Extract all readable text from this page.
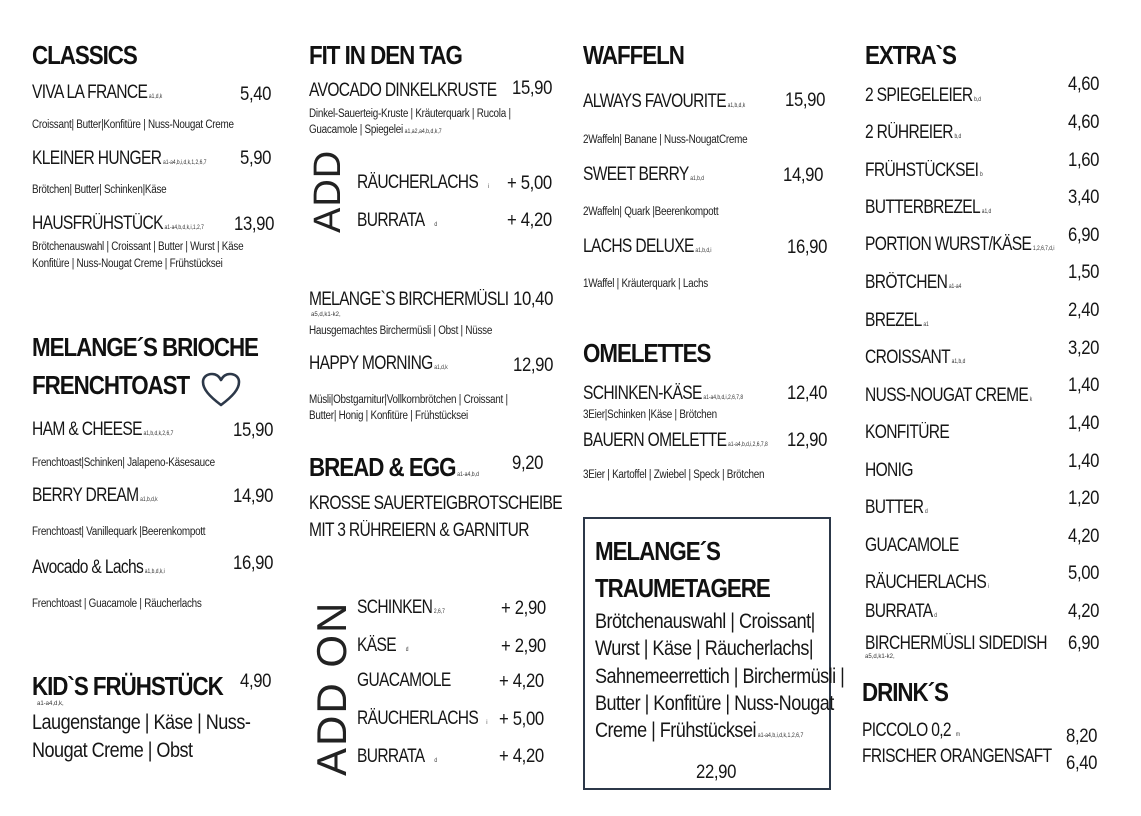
CLASSICS
VIVA LA FRANCE a1,d,k	5,40
Croissant| Butter|Konfitüre | Nuss-Nougat Creme
KLEINER HUNGER a1-a4,b,i,d,k,1,2,6,7 5,90
Brötchen| Butter| Schinken|Käse
HAUSFRÜHSTÜCK a1-a4,b,d,k,i,1,2,7 13,90
Brötchenauswahl | Croissant | Butter | Wurst | Käse
Konfitüre | Nuss-Nougat Creme | Frühstücksei
MELANGE´S BRIOCHE
FRENCHTOAST
HAM & CHEESE a1,b,d,k,2,6,7	15,90
Frenchtoast|Schinken| Jalapeno-Käsesauce
BERRY DREAM a1,b,d,k	14,90
Frenchtoast| Vanillequark |Beerenkompott
Avocado & Lachs a1,b,d,k,i	16,90
Frenchtoast | Guacamole | Räucherlachs
KID`S FRÜHSTÜCK
a1-a4,d,k,
4,90
Laugenstange | Käse | Nuss-
Nougat Creme | Obst
FIT IN DEN TAG
AVOCADO DINKELKRUSTE 15,90
Dinkel-Sauerteig-Kruste | Kräuterquark | Rucola |
Guacamole | Spiegelei a1,a2,a4,b,d,k,7
ADD RÄUCHERLACHS i + 5,00
BURRATA d	+ 4,20
MELANGE`S BIRCHERMÜSLI 10,40
a5,d,k1-k2,
Hausgemachtes Birchermüsli | Obst | Nüsse
HAPPY MORNING a1,d,k	12,90
Müsli|Obstgarnitur|Vollkornbrötchen | Croissant |
Butter| Honig | Konfitüre | Frühstücksei
BREAD & EGG a1-a4,b,d
9,20
KROSSE SAUERTEIGBROTSCHEIBE
MIT 3 RÜHREIERN & GARNITUR
ADD ON SCHINKEN 2,6,7	+ 2,90
KÄSE d	+ 2,90
GUACAMOLE	+ 4,20
RÄUCHERLACHS i + 5,00
BURRATA d	+ 4,20
WAFFELN
ALWAYS FAVOURITE a1,b,d,k 15,90
2Waffeln| Banane | Nuss-NougatCreme
SWEET BERRY a1,b,d	14,90
2Waffeln| Quark |Beerenkompott
LACHS DELUXE a1,b,d,i	16,90
1Waffel | Kräuterquark | Lachs
OMELETTES
SCHINKEN-KÄSE a1-a4,b,d,i,2,6,7,8 12,40
3Eier|Schinken |Käse | Brötchen
BAUERN OMELETTE a1-a4,b,d,i,2,6,7,8 12,90
3Eier | Kartoffel | Zwiebel | Speck | Brötchen
MELANGE´S
TRAUMETAGERE
Brötchenauswahl | Croissant|
Wurst | Käse | Räucherlachs|
Sahnemeerrettich | Birchermüsli |
Butter | Konfitüre | Nuss-Nougat
Creme | Frühstücksei a1-a4,b,i,d,k,1,2,6,7
22,90
EXTRA`S
2 SPIEGELEIER b,d
4,60
2 RÜHREIER b,d
4,60
FRÜHSTÜCKSEI b
1,60
BUTTERBREZEL a1,d
3,40
PORTION WURST/KÄSE 1,2,6,7,d,i
6,90
BRÖTCHEN a1-a4
1,50
BREZEL a1
2,40
CROISSANT a1,b,d
3,20
NUSS-NOUGAT CREME k
1,40
KONFITÜRE	1,40
HONIG	1,40
BUTTER d
1,20
GUACAMOLE	4,20
RÄUCHERLACHS i
5,00
BURRATA d	4,20
BIRCHERMÜSLI SIDEDISH
a5,d,k1-k2,
6,90
DRINK´S
PICCOLO 0,2 m	8,20
FRISCHER ORANGENSAFT 6,40
